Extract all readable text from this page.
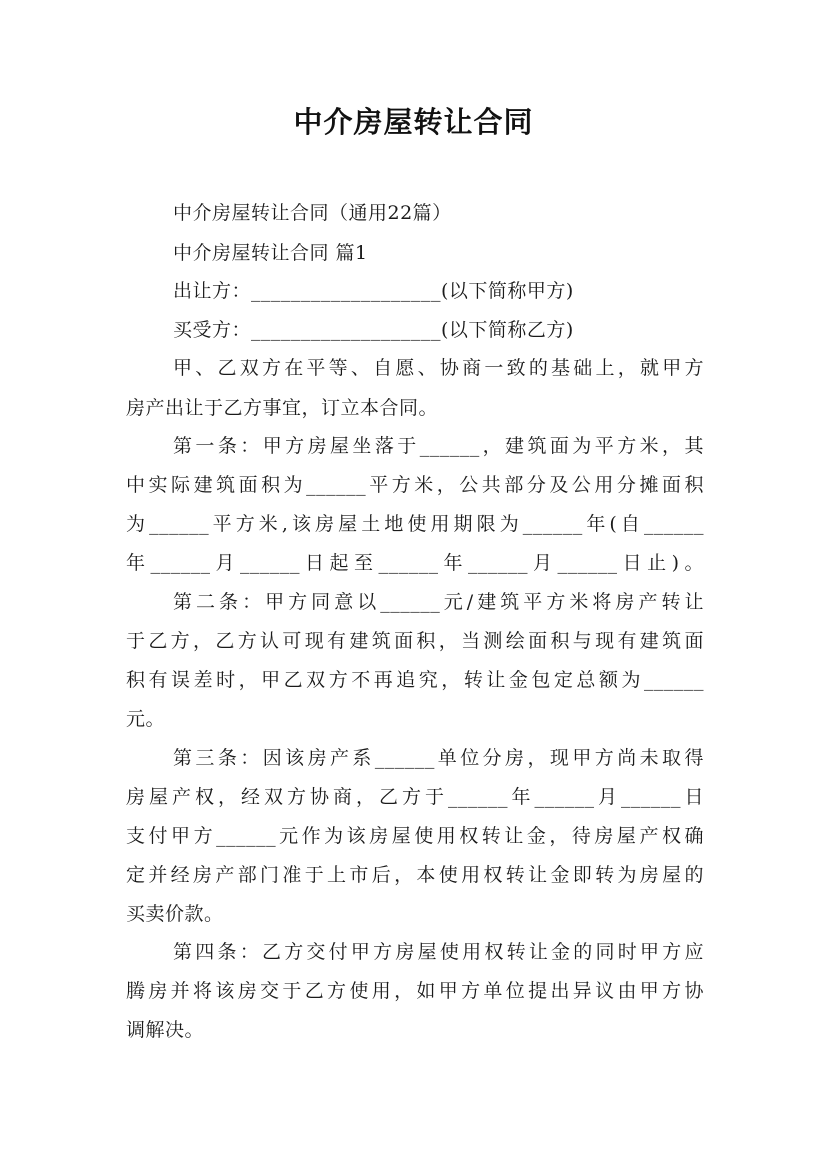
中介房屋转让合同
中介房屋转让合同（通用22篇）
中介房屋转让合同 篇1
出让方：___________________(以下简称甲方)
买受方：___________________(以下简称乙方)
甲、乙双方在平等、自愿、协商一致的基础上，就甲方
房产出让于乙方事宜，订立本合同。
第一条：甲方房屋坐落于______，建筑面为平方米，其
中实际建筑面积为______平方米，公共部分及公用分摊面积
为______平方米,该房屋土地使用期限为______年(自______
年______月______日起至______年______月______日止)。
第二条：甲方同意以______元/建筑平方米将房产转让
于乙方，乙方认可现有建筑面积，当测绘面积与现有建筑面
积有误差时，甲乙双方不再追究，转让金包定总额为______
元。
第三条：因该房产系______单位分房，现甲方尚未取得
房屋产权，经双方协商，乙方于______年______月______日
支付甲方______元作为该房屋使用权转让金，待房屋产权确
定并经房产部门准于上市后，本使用权转让金即转为房屋的
买卖价款。
第四条：乙方交付甲方房屋使用权转让金的同时甲方应
腾房并将该房交于乙方使用，如甲方单位提出异议由甲方协
调解决。
